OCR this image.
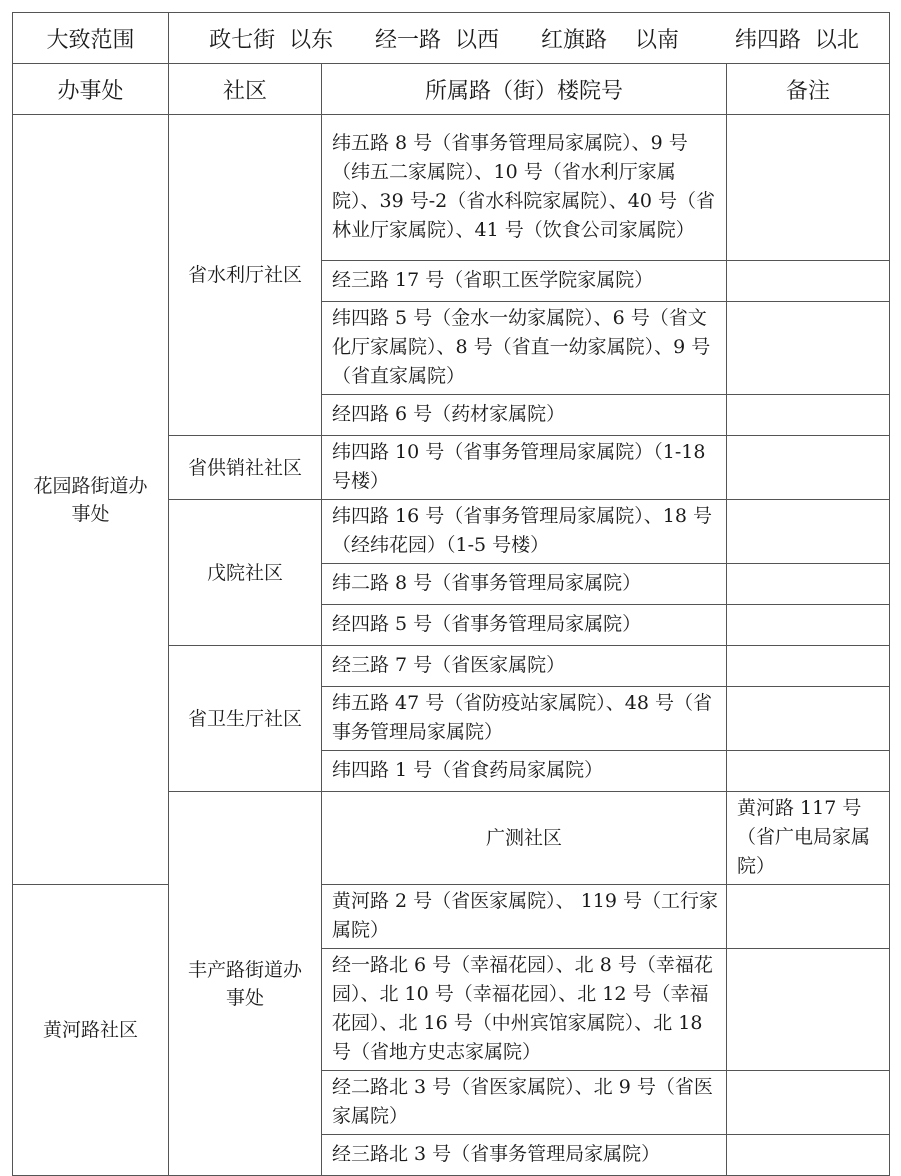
大致范围	政七街  以东      经一路  以西      红旗路    以南        纬四路  以北			
办事处	社区	所属路（街）楼院号	备注	

花园路街道办事处	省水利厅社区	纬五路 8 号（省事务管理局家属院）、9 号（纬五二家属院）、10 号（省水利厅家属院）、39 号-2（省水科院家属院）、40 号（省林业厅家属院）、41 号（饮食公司家属院）		
		经三路 17 号（省职工医学院家属院）		
		纬四路 5 号（金水一幼家属院）、6 号（省文化厅家属院）、8 号（省直一幼家属院）、9 号（省直家属院）		
		经四路 6 号（药材家属院）		
	省供销社社区	纬四路 10 号（省事务管理局家属院）（1-18 号楼）		
	戊院社区	纬四路 16 号（省事务管理局家属院）、18 号（经纬花园）（1-5 号楼）		
		纬二路 8 号（省事务管理局家属院）		
		经四路 5 号（省事务管理局家属院）		
	省卫生厅社区	经三路 7 号（省医家属院）		
		纬五路 47 号（省防疫站家属院）、48 号（省事务管理局家属院）		
		纬四路 1 号（省食药局家属院）		

	丰产路街道办事处	广测社区	黄河路 117 号（省广电局家属院）	
黄河路社区		黄河路 2 号（省医家属院）、 119 号（工行家属院）		
		经一路北 6 号（幸福花园）、北 8 号（幸福花园）、北 10 号（幸福花园）、北 12 号（幸福花园）、北 16 号（中州宾馆家属院）、北 18 号（省地方史志家属院）		
		经二路北 3 号（省医家属院）、北 9 号（省医家属院）		
		经三路北 3 号（省事务管理局家属院）		
